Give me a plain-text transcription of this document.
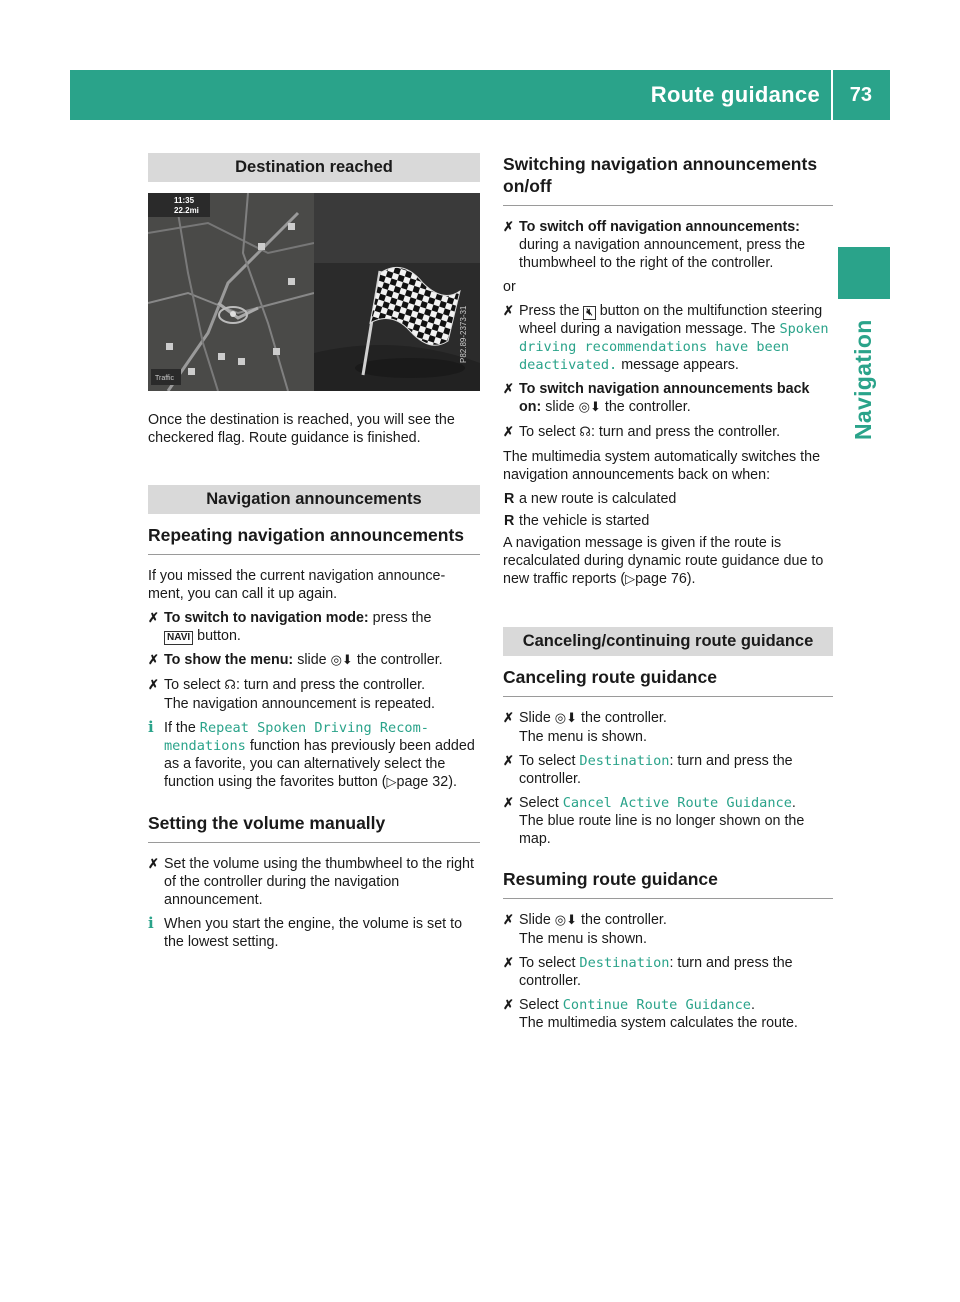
Route guidance 73
Navigation
Destination reached
11:35
22.2mi
Traffic
P82.89-2373-31

Once the destination is reached, you will see the checkered flag. Route guidance is finished.

Navigation announcements
Repeating navigation announcements

If you missed the current navigation announce-ment, you can call it up again.

✗ To switch to navigation mode: press the
NAVI button.
✗ To show the menu: slide ◎⬇ the controller.
✗ To select ☊: turn and press the controller.
The navigation announcement is repeated.
i If the Repeat Spoken Driving Recom-mendations function has previously been added as a favorite, you can alternatively select the function using the favorites button (▷page 32).
Setting the volume manually
✗ Set the volume using the thumbwheel to the right of the controller during the navigation announcement.
i When you start the engine, the volume is set to the lowest setting.
Switching navigation announcements on/off
✗ To switch off navigation announcements: during a navigation announcement, press the thumbwheel to the right of the controller.

or

✗ Press the 🔇︎ button on the multifunction steering wheel during a navigation message. The Spoken driving recommendations have been deactivated. message appears.
✗ To switch navigation announcements back on: slide ◎⬇ the controller.
✗ To select ☊: turn and press the controller.

The multimedia system automatically switches the navigation announcements back on when:

R a new route is calculated
R the vehicle is started

A navigation message is given if the route is recalculated during dynamic route guidance due to new traffic reports (▷page 76).

Canceling/continuing route guidance
Canceling route guidance
✗ Slide ◎⬇ the controller.
The menu is shown.
✗ To select Destination: turn and press the controller.
✗ Select Cancel Active Route Guidance.
The blue route line is no longer shown on the map.
Resuming route guidance
✗ Slide ◎⬇ the controller.
The menu is shown.
✗ To select Destination: turn and press the controller.
✗ Select Continue Route Guidance.
The multimedia system calculates the route.
